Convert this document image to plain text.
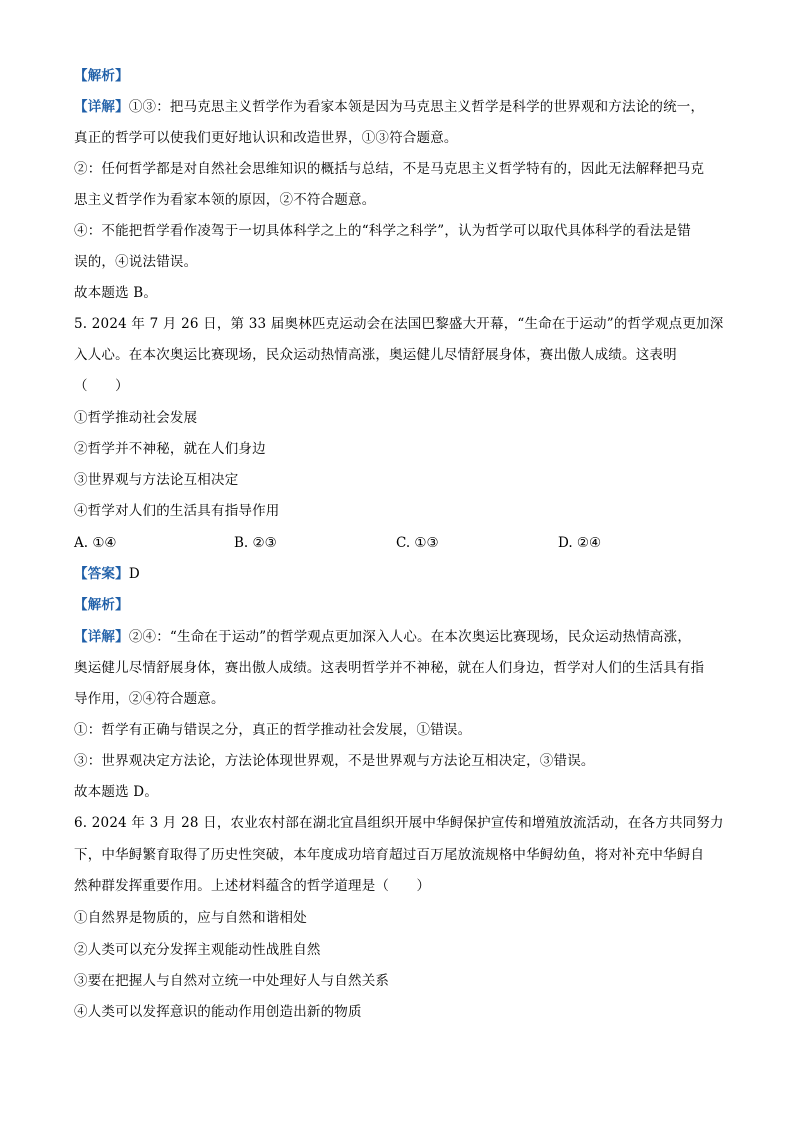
【解析】
【详解】①③：把马克思主义哲学作为看家本领是因为马克思主义哲学是科学的世界观和方法论的统一，
真正的哲学可以使我们更好地认识和改造世界，①③符合题意。
②：任何哲学都是对自然社会思维知识的概括与总结，不是马克思主义哲学特有的，因此无法解释把马克
思主义哲学作为看家本领的原因，②不符合题意。
④：不能把哲学看作凌驾于一切具体科学之上的“科学之科学”，认为哲学可以取代具体科学的看法是错
误的，④说法错误。
故本题选 B。
5. 2024 年 7 月 26 日，第 33 届奥林匹克运动会在法国巴黎盛大开幕，“生命在于运动”的哲学观点更加深
入人心。在本次奥运比赛现场，民众运动热情高涨，奥运健儿尽情舒展身体，赛出傲人成绩。这表明
（　　）
①哲学推动社会发展
②哲学并不神秘，就在人们身边
③世界观与方法论互相决定
④哲学对人们的生活具有指导作用
A. ①④	B. ②③	C. ①③	D. ②④
【答案】D
【解析】
【详解】②④：“生命在于运动”的哲学观点更加深入人心。在本次奥运比赛现场，民众运动热情高涨，
奥运健儿尽情舒展身体，赛出傲人成绩。这表明哲学并不神秘，就在人们身边，哲学对人们的生活具有指
导作用，②④符合题意。
①：哲学有正确与错误之分，真正的哲学推动社会发展，①错误。
③：世界观决定方法论，方法论体现世界观，不是世界观与方法论互相决定，③错误。
故本题选 D。
6. 2024 年 3 月 28 日，农业农村部在湖北宜昌组织开展中华鲟保护宣传和增殖放流活动，在各方共同努力
下，中华鲟繁育取得了历史性突破，本年度成功培育超过百万尾放流规格中华鲟幼鱼，将对补充中华鲟自
然种群发挥重要作用。上述材料蕴含的哲学道理是（　　）
①自然界是物质的，应与自然和谐相处
②人类可以充分发挥主观能动性战胜自然
③要在把握人与自然对立统一中处理好人与自然关系
④人类可以发挥意识的能动作用创造出新的物质
